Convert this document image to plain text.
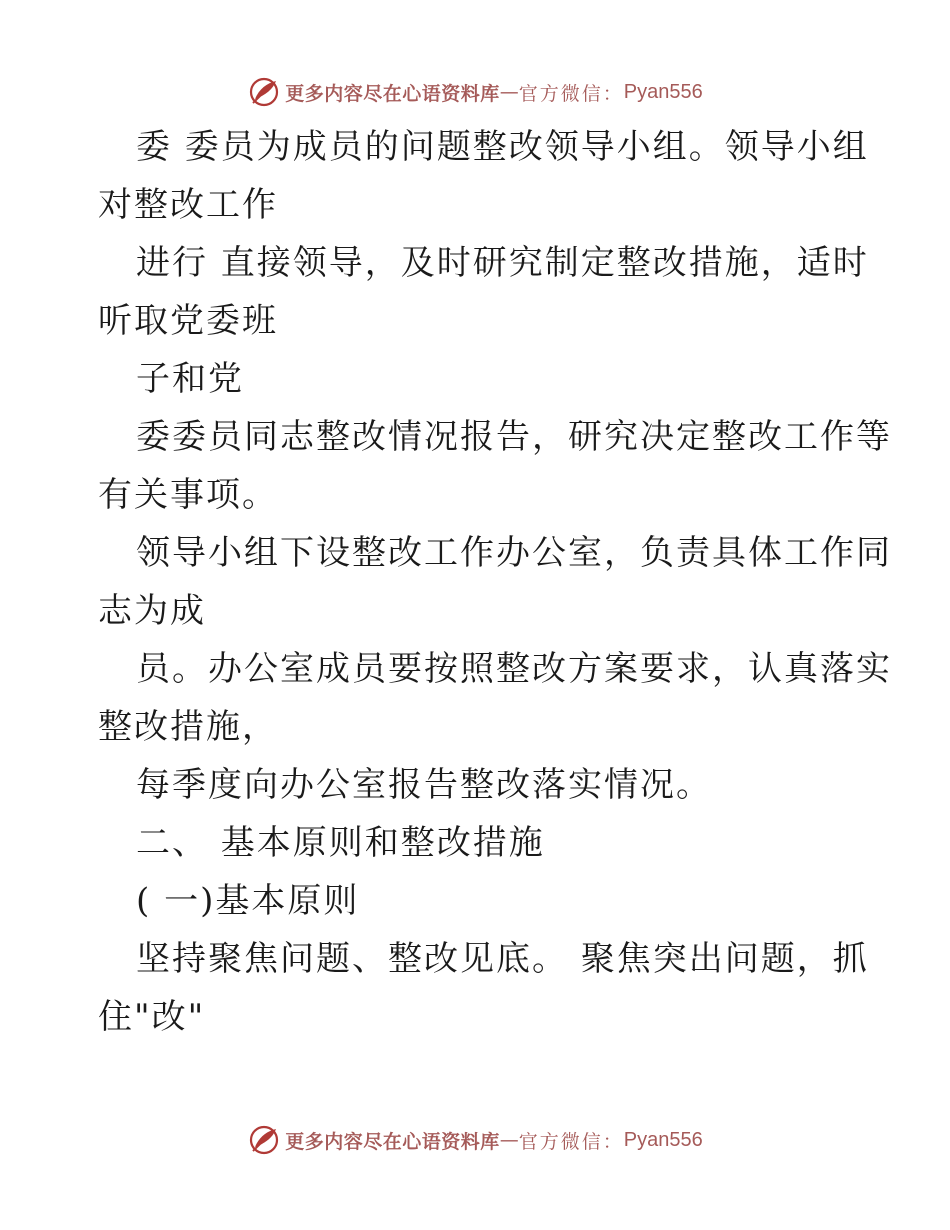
更多内容尽在心语资料库 — 官方微信： Pyan556
委 委员为成员的问题整改领导小组。领导小组
对整改工作
进行 直接领导，及时研究制定整改措施，适时
听取党委班
子和党
委委员同志整改情况报告，研究决定整改工作等
有关事项。
领导小组下设整改工作办公室，负责具体工作同
志为成
员。办公室成员要按照整改方案要求，认真落实
整改措施，
每季度向办公室报告整改落实情况。
二、 基本原则和整改措施
( 一)基本原则
坚持聚焦问题、整改见底。 聚焦突出问题，抓
住"改"
更多内容尽在心语资料库 — 官方微信： Pyan556
